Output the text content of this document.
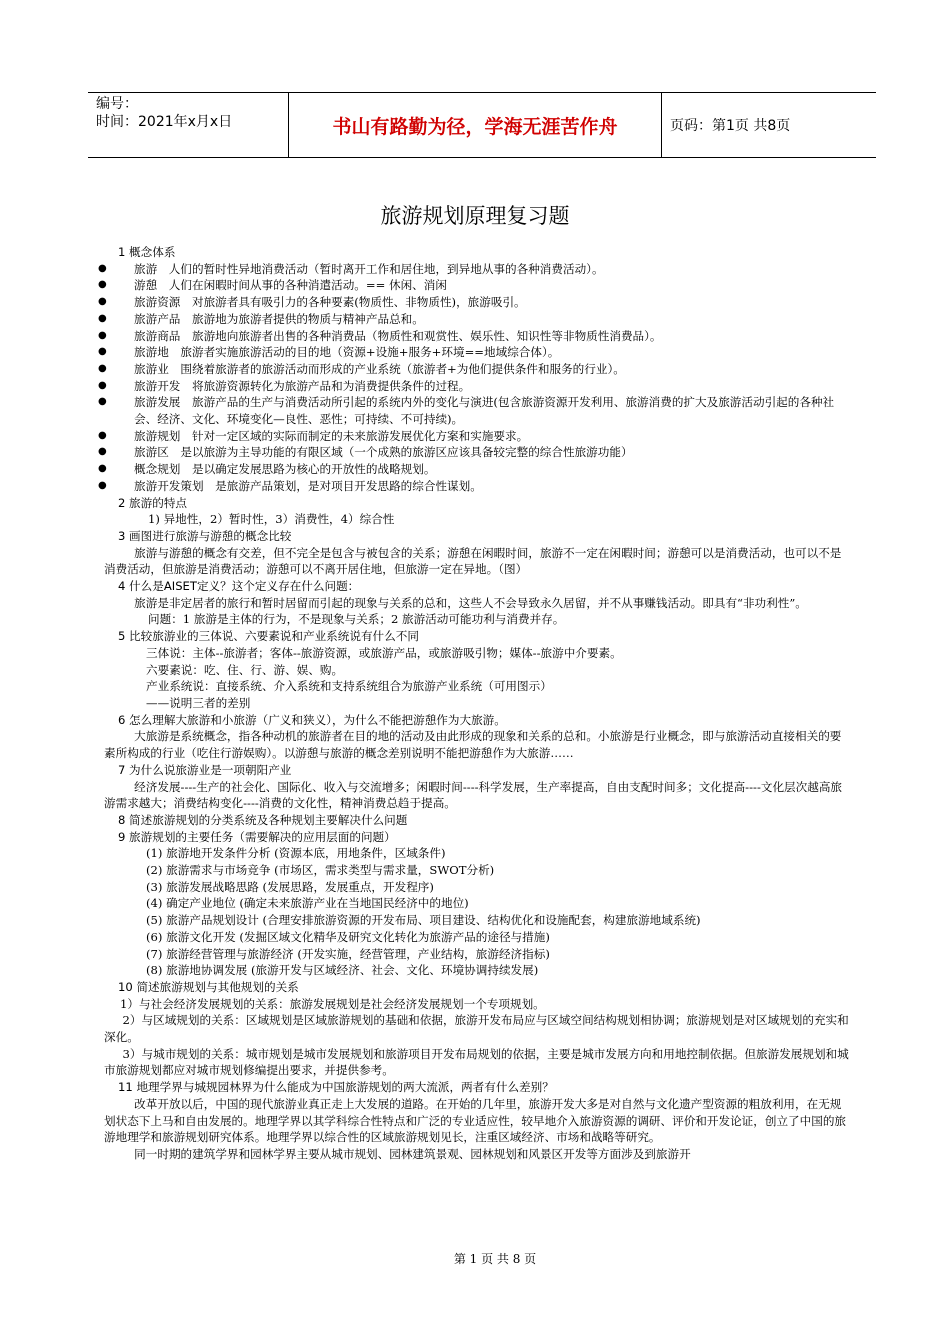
编号：
时间：2021年x月x日	书山有路勤为径，学海无涯苦作舟	页码：第1页 共8页
旅游规划原理复习题
1 概念体系
● 旅游　人们的暂时性异地消费活动（暂时离开工作和居住地，到异地从事的各种消费活动）。
● 游憩　人们在闲暇时间从事的各种消遣活动。== 休闲、消闲
● 旅游资源　对旅游者具有吸引力的各种要素(物质性、非物质性)，旅游吸引。
● 旅游产品　旅游地为旅游者提供的物质与精神产品总和。
● 旅游商品　旅游地向旅游者出售的各种消费品（物质性和观赏性、娱乐性、知识性等非物质性消费品）。
● 旅游地　旅游者实施旅游活动的目的地（资源+设施+服务+环境==地域综合体）。
● 旅游业　围绕着旅游者的旅游活动而形成的产业系统（旅游者+为他们提供条件和服务的行业）。
● 旅游开发　将旅游资源转化为旅游产品和为消费提供条件的过程。
● 旅游发展　旅游产品的生产与消费活动所引起的系统内外的变化与演进(包含旅游资源开发利用、旅游消费的扩大及旅游活动引起的各种社会、经济、文化、环境变化—良性、恶性；可持续、不可持续)。
● 旅游规划　针对一定区域的实际而制定的未来旅游发展优化方案和实施要求。
● 旅游区　是以旅游为主导功能的有限区域（一个成熟的旅游区应该具备较完整的综合性旅游功能）
● 概念规划　是以确定发展思路为核心的开放性的战略规划。
● 旅游开发策划　是旅游产品策划，是对项目开发思路的综合性谋划。
2 旅游的特点
1) 异地性，2）暂时性，3）消费性，4）综合性
3 画图进行旅游与游憩的概念比较
旅游与游憩的概念有交差，但不完全是包含与被包含的关系；游憩在闲暇时间，旅游不一定在闲暇时间；游憩可以是消费活动，也可以不是消费活动，但旅游是消费活动；游憩可以不离开居住地，但旅游一定在异地。（图）
4 什么是AISET定义？这个定义存在什么问题：
旅游是非定居者的旅行和暂时居留而引起的现象与关系的总和，这些人不会导致永久居留，并不从事赚钱活动。即具有“非功利性”。
问题：1 旅游是主体的行为，不是现象与关系；2 旅游活动可能功利与消费并存。
5 比较旅游业的三体说、六要素说和产业系统说有什么不同
三体说：主体--旅游者；客体--旅游资源，或旅游产品，或旅游吸引物；媒体--旅游中介要素。
六要素说：吃、住、行、游、娱、购。
产业系统说：直接系统、介入系统和支持系统组合为旅游产业系统（可用图示）
——说明三者的差别
6 怎么理解大旅游和小旅游（广义和狭义），为什么不能把游憩作为大旅游。
大旅游是系统概念，指各种动机的旅游者在目的地的活动及由此形成的现象和关系的总和。小旅游是行业概念，即与旅游活动直接相关的要素所构成的行业（吃住行游娱购）。以游憩与旅游的概念差别说明不能把游憩作为大旅游……
7 为什么说旅游业是一项朝阳产业
经济发展----生产的社会化、国际化、收入与交流增多；闲暇时间----科学发展，生产率提高，自由支配时间多；文化提高----文化层次越高旅游需求越大；消费结构变化----消费的文化性，精神消费总趋于提高。
8 简述旅游规划的分类系统及各种规划主要解决什么问题
9 旅游规划的主要任务（需要解决的应用层面的问题）
(1) 旅游地开发条件分析 (资源本底，用地条件，区域条件)
(2) 旅游需求与市场竞争 (市场区，需求类型与需求量，SWOT分析)
(3) 旅游发展战略思路 (发展思路，发展重点，开发程序)
(4) 确定产业地位 (确定未来旅游产业在当地国民经济中的地位)
(5) 旅游产品规划设计 (合理安排旅游资源的开发布局、项目建设、结构优化和设施配套，构建旅游地域系统)
(6) 旅游文化开发 (发掘区域文化精华及研究文化转化为旅游产品的途径与措施)
(7) 旅游经营管理与旅游经济 (开发实施，经营管理，产业结构，旅游经济指标)
(8) 旅游地协调发展 (旅游开发与区域经济、社会、文化、环境协调持续发展)
10 简述旅游规划与其他规划的关系
1）与社会经济发展规划的关系：旅游发展规划是社会经济发展规划一个专项规划。
2）与区域规划的关系：区域规划是区域旅游规划的基础和依据，旅游开发布局应与区域空间结构规划相协调；旅游规划是对区域规划的充实和深化。
3）与城市规划的关系：城市规划是城市发展规划和旅游项目开发布局规划的依据，主要是城市发展方向和用地控制依据。但旅游发展规划和城市旅游规划都应对城市规划修编提出要求，并提供参考。
11 地理学界与城规园林界为什么能成为中国旅游规划的两大流派，两者有什么差别？
改革开放以后，中国的现代旅游业真正走上大发展的道路。在开始的几年里，旅游开发大多是对自然与文化遗产型资源的粗放利用，在无规划状态下上马和自由发展的。地理学界以其学科综合性特点和广泛的专业适应性，较早地介入旅游资源的调研、评价和开发论证，创立了中国的旅游地理学和旅游规划研究体系。地理学界以综合性的区域旅游规划见长，注重区域经济、市场和战略等研究。
同一时期的建筑学界和园林学界主要从城市规划、园林建筑景观、园林规划和风景区开发等方面涉及到旅游开
第 1 页 共 8 页
